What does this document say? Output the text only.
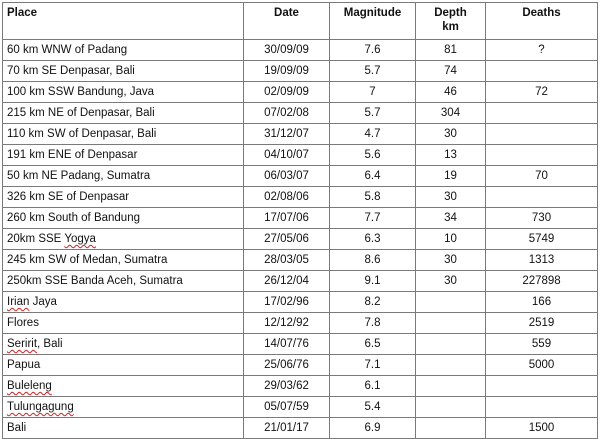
Place	Date	Magnitude	Depth
km	Deaths
60 km WNW of Padang	30/09/09	7.6	81	?
70 km SE Denpasar, Bali	19/09/09	5.7	74	
100 km SSW Bandung, Java	02/09/09	7	46	72
215 km NE of Denpasar, Bali	07/02/08	5.7	304	
110 km SW of Denpasar, Bali	31/12/07	4.7	30	
191 km ENE of Denpasar	04/10/07	5.6	13	
50 km NE Padang, Sumatra	06/03/07	6.4	19	70
326 km SE of Denpasar	02/08/06	5.8	30	
260 km South of Bandung	17/07/06	7.7	34	730
20km SSE Yogya	27/05/06	6.3	10	5749
245 km SW of Medan, Sumatra	28/03/05	8.6	30	1313
250km SSE Banda Aceh, Sumatra	26/12/04	9.1	30	227898
Irian Jaya	17/02/96	8.2		166
Flores	12/12/92	7.8		2519
Seririt, Bali	14/07/76	6.5		559
Papua	25/06/76	7.1		5000
Buleleng	29/03/62	6.1		
Tulungagung	05/07/59	5.4		
Bali	21/01/17	6.9		1500
